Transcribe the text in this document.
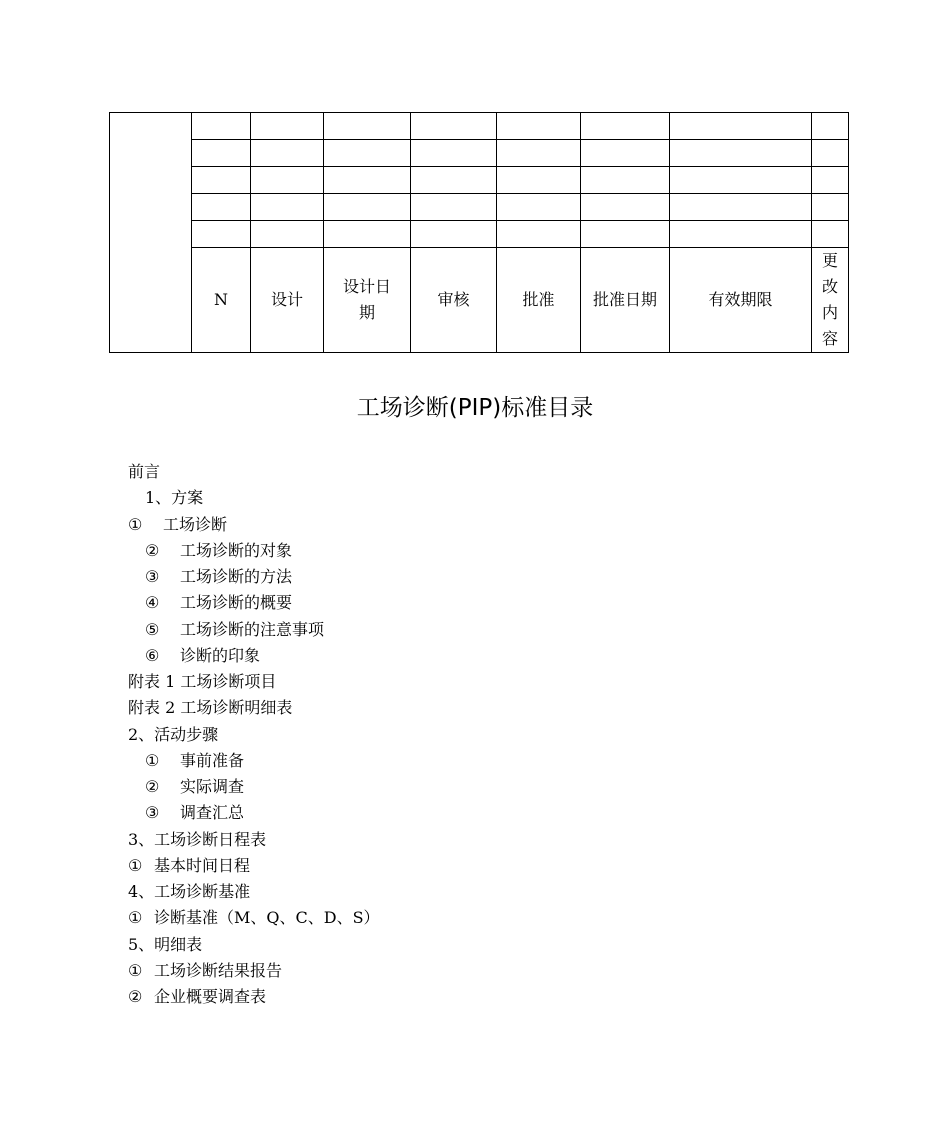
	N	设计	设计日期	审核	批准	批准日期	有效期限	更改内容
工场诊断(PIP)标准目录
前言
1、方案
① 工场诊断
② 工场诊断的对象
③ 工场诊断的方法
④ 工场诊断的概要
⑤ 工场诊断的注意事项
⑥ 诊断的印象
附表 1 工场诊断项目
附表 2 工场诊断明细表
2、活动步骤
① 事前准备
② 实际调查
③ 调查汇总
3、工场诊断日程表
① 基本时间日程
4、工场诊断基准
① 诊断基准（M、Q、C、D、S）
5、明细表
① 工场诊断结果报告
② 企业概要调查表
